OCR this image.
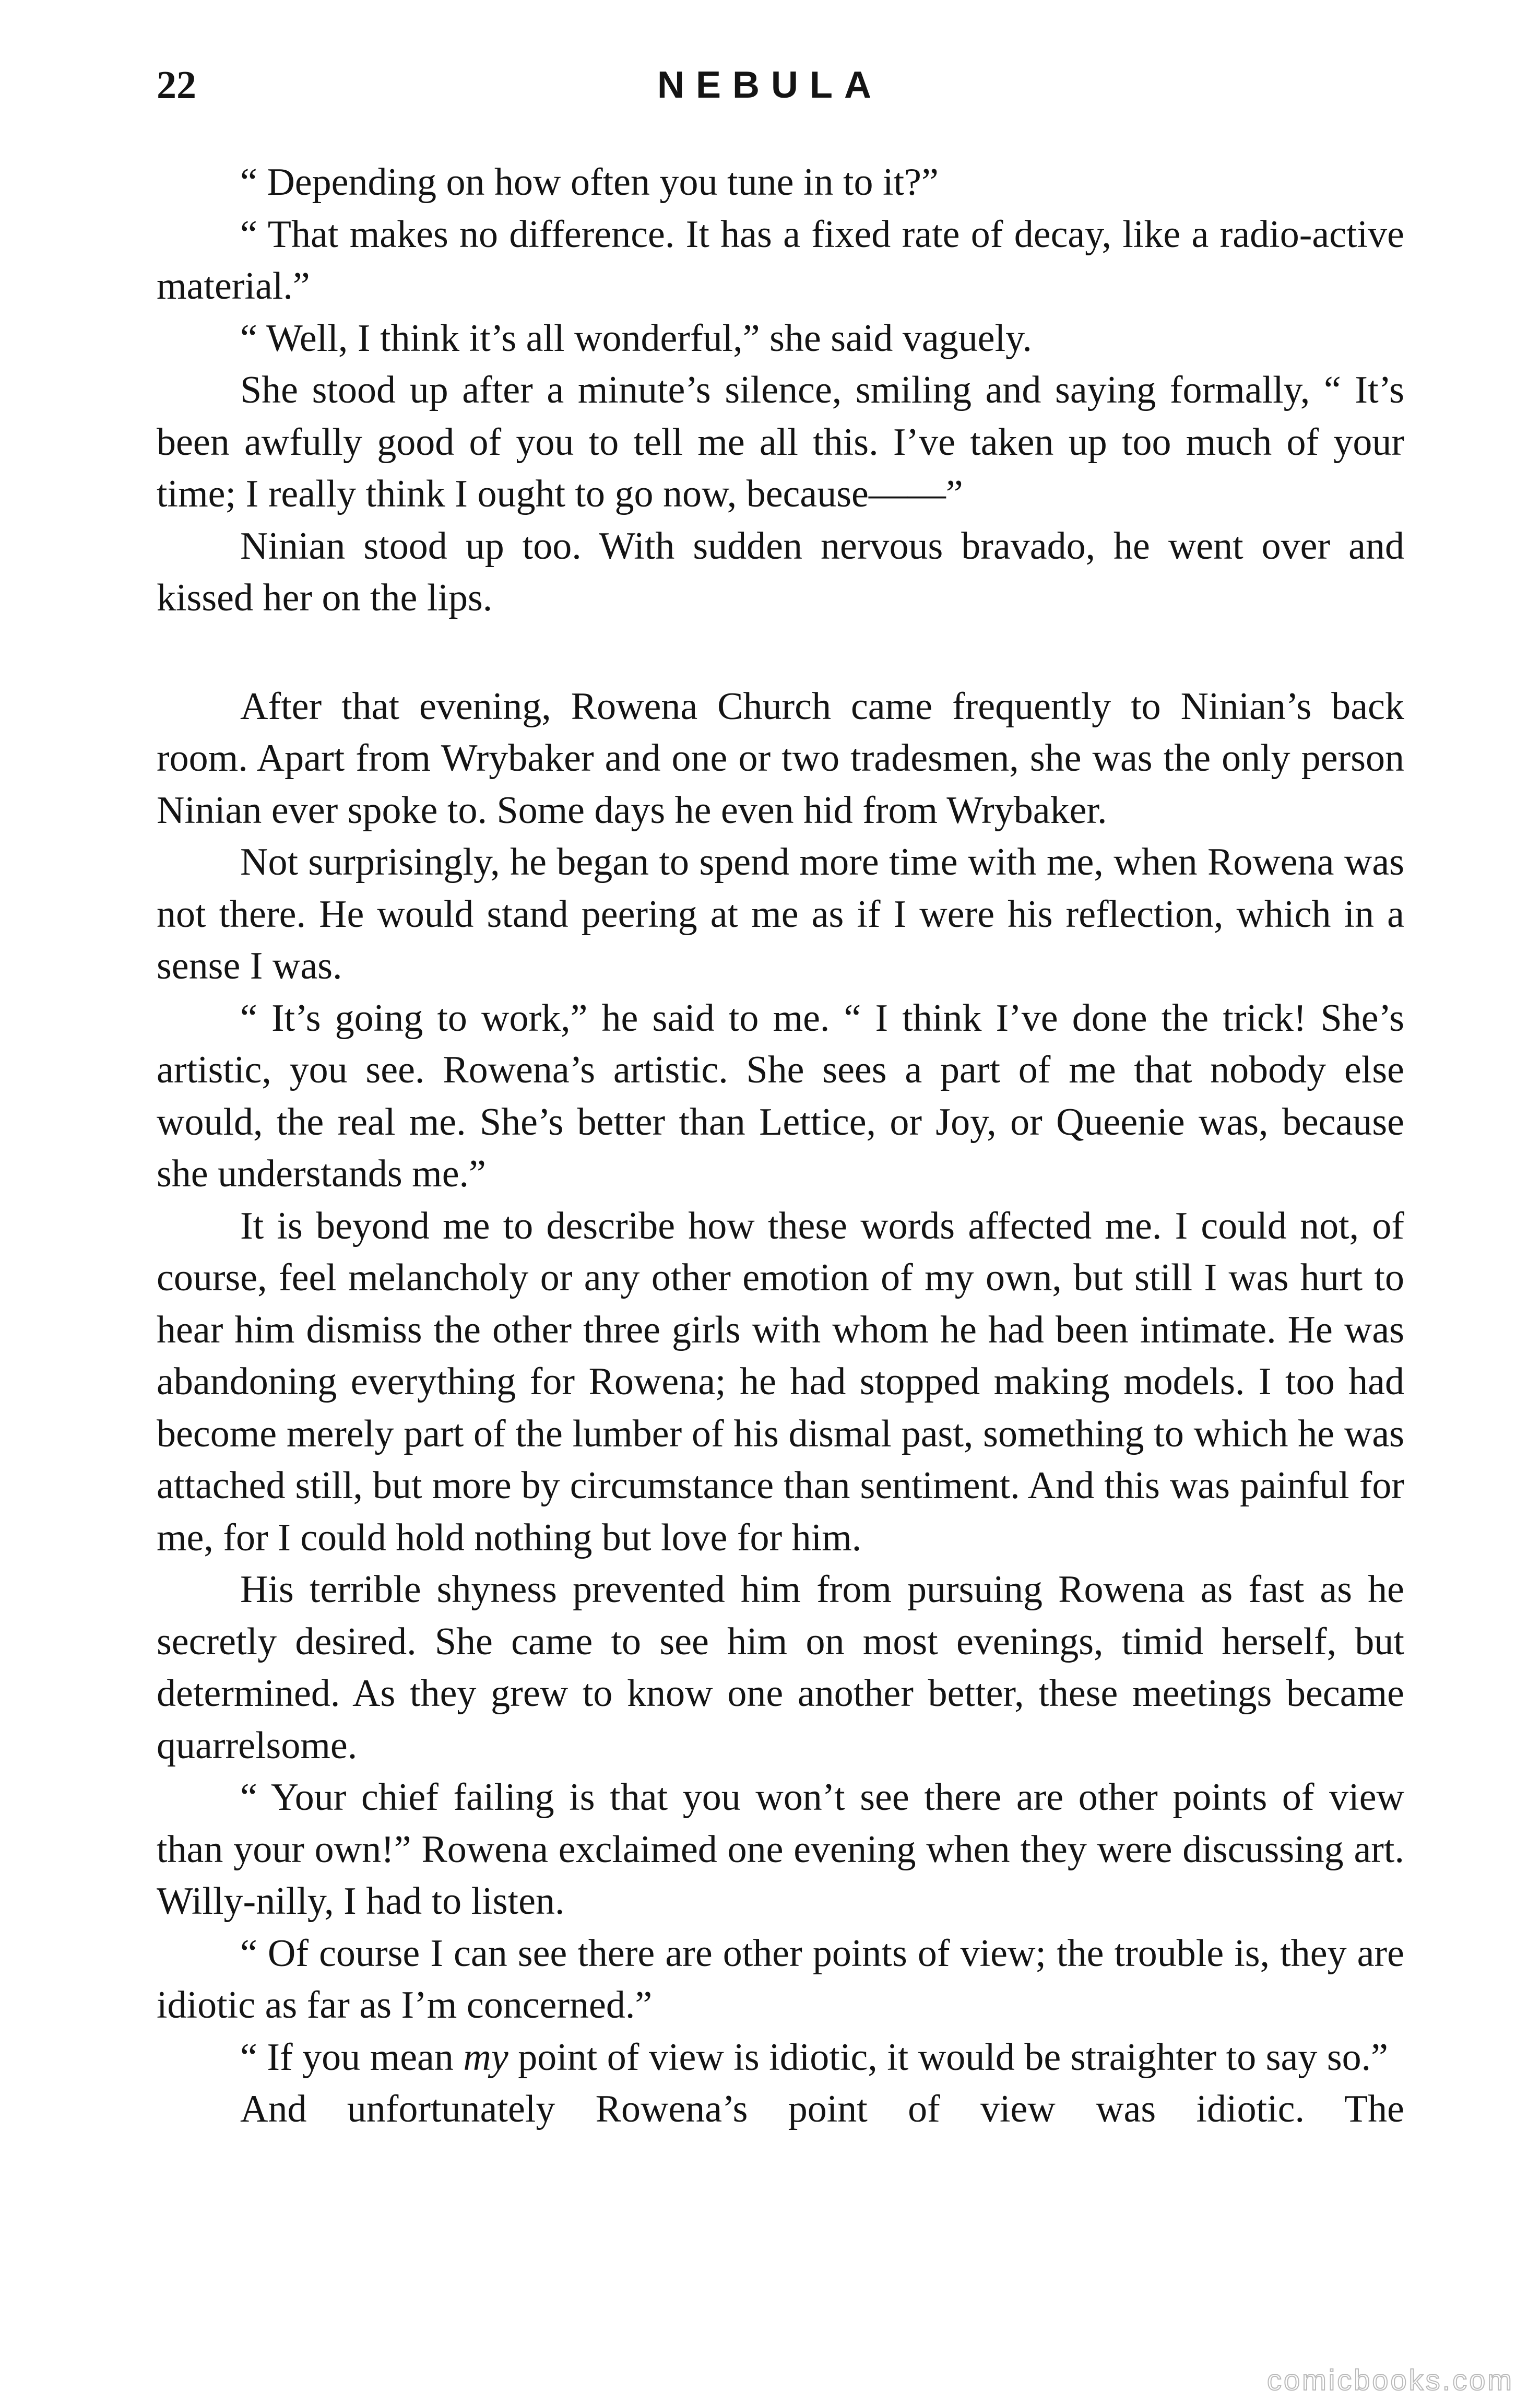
22	NEBULA

“ Depending on how often you tune in to it?”

“ That makes no difference. It has a fixed rate of decay, like a radio-active material.”

“ Well, I think it’s all wonderful,” she said vaguely.

She stood up after a minute’s silence, smiling and saying formally, “ It’s been awfully good of you to tell me all this. I’ve taken up too much of your time; I really think I ought to go now, because——”

Ninian stood up too. With sudden nervous bravado, he went over and kissed her on the lips.

After that evening, Rowena Church came frequently to Ninian’s back room. Apart from Wrybaker and one or two tradesmen, she was the only person Ninian ever spoke to. Some days he even hid from Wrybaker.

Not surprisingly, he began to spend more time with me, when Rowena was not there. He would stand peering at me as if I were his reflection, which in a sense I was.

“ It’s going to work,” he said to me. “ I think I’ve done the trick! She’s artistic, you see. Rowena’s artistic. She sees a part of me that nobody else would, the real me. She’s better than Lettice, or Joy, or Queenie was, because she understands me.”

It is beyond me to describe how these words affected me. I could not, of course, feel melancholy or any other emotion of my own, but still I was hurt to hear him dismiss the other three girls with whom he had been intimate. He was abandoning everything for Rowena; he had stopped making models. I too had become merely part of the lumber of his dismal past, something to which he was attached still, but more by circumstance than sentiment. And this was painful for me, for I could hold nothing but love for him.

His terrible shyness prevented him from pursuing Rowena as fast as he secretly desired. She came to see him on most evenings, timid herself, but determined. As they grew to know one another better, these meetings became quarrelsome.

“ Your chief failing is that you won’t see there are other points of view than your own!” Rowena exclaimed one evening when they were discussing art. Willy-nilly, I had to listen.

“ Of course I can see there are other points of view; the trouble is, they are idiotic as far as I’m concerned.”

“ If you mean my point of view is idiotic, it would be straighter to say so.”

And unfortunately Rowena’s point of view was idiotic. The

comicbooks.com
